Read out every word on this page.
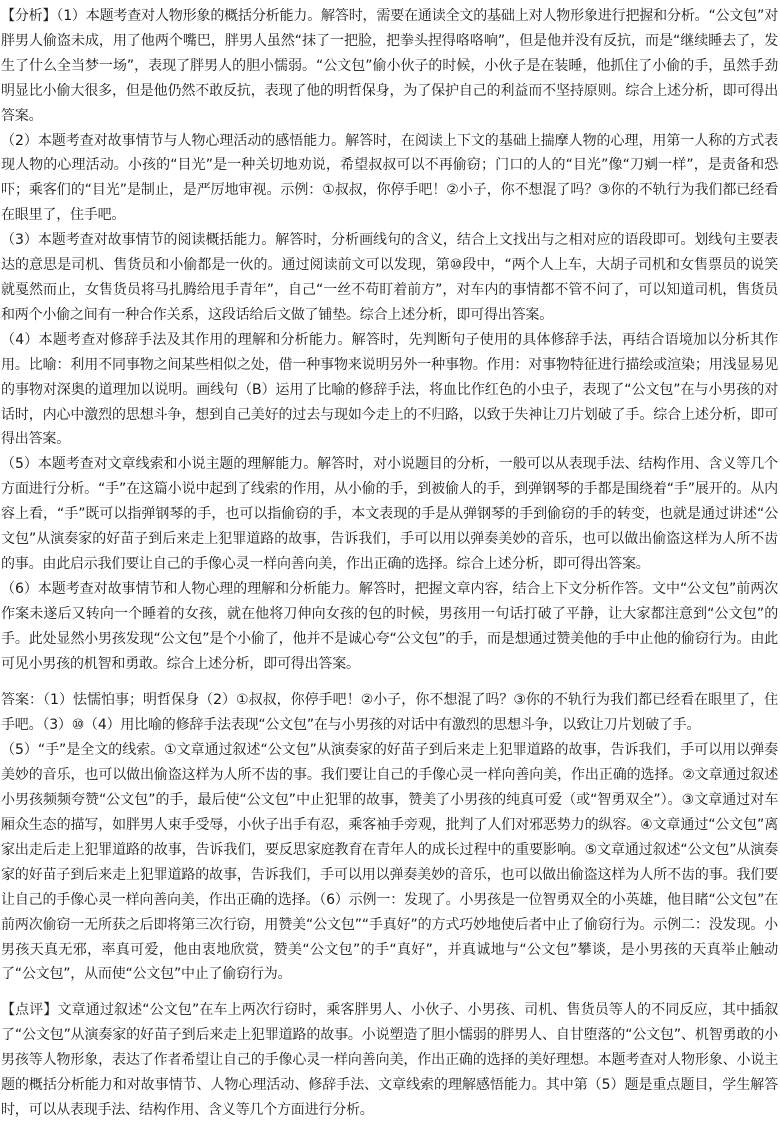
【分析】（1）本题考查对人物形象的概括分析能力。解答时，需要在通读全文的基础上对人物形象进行把握和分析。“公文包”对胖男人偷盗未成，用了他两个嘴巴，胖男人虽然“抹了一把脸，把拳头捏得咯咯响”，但是他并没有反抗，而是“继续睡去了，发生了什么全当梦一场”，表现了胖男人的胆小懦弱。“公文包”偷小伙子的时候，小伙子是在装睡，他抓住了小偷的手，虽然手劲明显比小偷大很多，但是他仍然不敢反抗，表现了他的明哲保身，为了保护自己的利益而不坚持原则。综合上述分析，即可得出答案。

（2）本题考查对故事情节与人物心理活动的感悟能力。解答时，在阅读上下文的基础上揣摩人物的心理，用第一人称的方式表现人物的心理活动。小孩的“目光”是一种关切地劝说，希望叔叔可以不再偷窃；门口的人的“目光”像“刀剜一样”，是责备和恐吓；乘客们的“目光”是制止，是严厉地审视。示例：①叔叔，你停手吧！②小子，你不想混了吗？③你的不轨行为我们都已经看在眼里了，住手吧。

（3）本题考查对故事情节的阅读概括能力。解答时，分析画线句的含义，结合上文找出与之相对应的语段即可。划线句主要表达的意思是司机、售货员和小偷都是一伙的。通过阅读前文可以发现，第⑩段中，“两个人上车，大胡子司机和女售票员的说笑就戛然而止，女售货员将马扎腾给甩手青年”，自己“一丝不苟盯着前方”，对车内的事情都不管不问了，可以知道司机，售货员和两个小偷之间有一种合作关系，这段话给后文做了铺垫。综合上述分析，即可得出答案。

（4）本题考查对修辞手法及其作用的理解和分析能力。解答时，先判断句子使用的具体修辞手法，再结合语境加以分析其作用。比喻：利用不同事物之间某些相似之处，借一种事物来说明另外一种事物。作用：对事物特征进行描绘或渲染；用浅显易见的事物对深奥的道理加以说明。画线句（B）运用了比喻的修辞手法，将血比作红色的小虫子，表现了“公文包”在与小男孩的对话时，内心中激烈的思想斗争，想到自己美好的过去与现如今走上的不归路，以致于失神让刀片划破了手。综合上述分析，即可得出答案。

（5）本题考查对文章线索和小说主题的理解能力。解答时，对小说题目的分析，一般可以从表现手法、结构作用、含义等几个方面进行分析。“手”在这篇小说中起到了线索的作用，从小偷的手，到被偷人的手，到弹钢琴的手都是围绕着“手”展开的。从内容上看，“手”既可以指弹钢琴的手，也可以指偷窃的手，本文表现的手是从弹钢琴的手到偷窃的手的转变，也就是通过讲述“公文包”从演奏家的好苗子到后来走上犯罪道路的故事，告诉我们，手可以用以弹奏美妙的音乐，也可以做出偷盗这样为人所不齿的事。由此启示我们要让自己的手像心灵一样向善向美，作出正确的选择。综合上述分析，即可得出答案。

（6）本题考查对故事情节和人物心理的理解和分析能力。解答时，把握文章内容，结合上下文分析作答。文中“公文包”前两次作案未遂后又转向一个睡着的女孩，就在他将刀伸向女孩的包的时候，男孩用一句话打破了平静，让大家都注意到“公文包”的手。此处显然小男孩发现“公文包”是个小偷了，他并不是诚心夸“公文包”的手，而是想通过赞美他的手中止他的偷窃行为。由此可见小男孩的机智和勇敢。综合上述分析，即可得出答案。

答案：（1）怯懦怕事；明哲保身（2）①叔叔，你停手吧！②小子，你不想混了吗？③你的不轨行为我们都已经看在眼里了，住手吧。（3）⑩（4）用比喻的修辞手法表现“公文包”在与小男孩的对话中有激烈的思想斗争，以致让刀片划破了手。

（5）“手”是全文的线索。①文章通过叙述“公文包”从演奏家的好苗子到后来走上犯罪道路的故事，告诉我们，手可以用以弹奏美妙的音乐，也可以做出偷盗这样为人所不齿的事。我们要让自己的手像心灵一样向善向美，作出正确的选择。②文章通过叙述小男孩频频夸赞“公文包”的手，最后使“公文包”中止犯罪的故事，赞美了小男孩的纯真可爱（或“智勇双全”）。③文章通过对车厢众生态的描写，如胖男人束手受辱，小伙子出手有忍，乘客袖手旁观，批判了人们对邪恶势力的纵容。④文章通过“公文包”离家出走后走上犯罪道路的故事，告诉我们，要反思家庭教育在青年人的成长过程中的重要影响。⑤文章通过叙述“公文包”从演奏家的好苗子到后来走上犯罪道路的故事，告诉我们，手可以用以弹奏美妙的音乐，也可以做出偷盗这样为人所不齿的事。我们要让自己的手像心灵一样向善向美，作出正确的选择。（6）示例一：发现了。小男孩是一位智勇双全的小英雄，他目睹“公文包”在前两次偷窃一无所获之后即将第三次行窃，用赞美“公文包”“手真好”的方式巧妙地使后者中止了偷窃行为。示例二：没发现。小男孩天真无邪，率真可爱，他由衷地欣赏，赞美“公文包”的手“真好”，并真诚地与“公文包”攀谈，是小男孩的天真举止触动了“公文包”，从而使“公文包”中止了偷窃行为。

【点评】文章通过叙述“公文包”在车上两次行窃时，乘客胖男人、小伙子、小男孩、司机、售货员等人的不同反应，其中插叙了“公文包”从演奏家的好苗子到后来走上犯罪道路的故事。小说塑造了胆小懦弱的胖男人、自甘堕落的“公文包”、机智勇敢的小男孩等人物形象，表达了作者希望让自己的手像心灵一样向善向美，作出正确的选择的美好理想。本题考查对人物形象、小说主题的概括分析能力和对故事情节、人物心理活动、修辞手法、文章线索的理解感悟能力。其中第（5）题是重点题目，学生解答时，可以从表现手法、结构作用、含义等几个方面进行分析。
